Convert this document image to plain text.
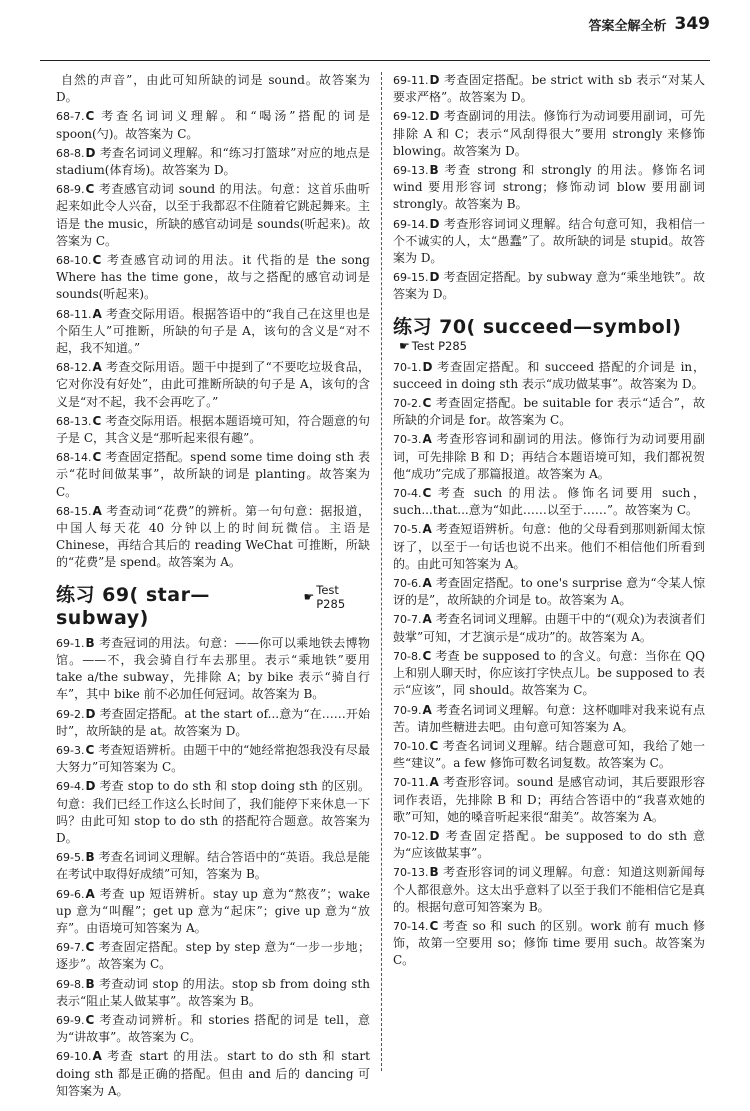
答案全解全析 349

自然的声音”，由此可知所缺的词是 sound。故答案为 D。

68-7.C 考查名词词义理解。和“喝汤”搭配的词是 spoon(勺)。故答案为 C。

68-8.D 考查名词词义理解。和“练习打篮球”对应的地点是stadium(体育场)。故答案为 D。

68-9.C 考查感官动词 sound 的用法。句意：这首乐曲听起来如此令人兴奋，以至于我都忍不住随着它跳起舞来。主语是 the music，所缺的感官动词是 sounds(听起来)。故答案为 C。

68-10.C 考查感官动词的用法。it 代指的是 the song Where has the time gone，故与之搭配的感官动词是 sounds(听起来)。

68-11.A 考查交际用语。根据答语中的“我自己在这里也是个陌生人”可推断，所缺的句子是 A，该句的含义是“对不起，我不知道。”

68-12.A 考查交际用语。题干中提到了“不要吃垃圾食品，它对你没有好处”，由此可推断所缺的句子是 A，该句的含义是“对不起，我不会再吃了。”

68-13.C 考查交际用语。根据本题语境可知，符合题意的句子是 C，其含义是“那听起来很有趣”。

68-14.C 考查固定搭配。spend some time doing sth 表示“花时间做某事”，故所缺的词是 planting。故答案为 C。

68-15.A 考查动词“花费”的辨析。第一句句意：据报道，中国人每天花 40 分钟以上的时间玩微信。主语是 Chinese，再结合其后的 reading WeChat 可推断，所缺的“花费”是 spend。故答案为 A。

练习 69( star—subway)
☛ Test P285

69-1.B 考查冠词的用法。句意：——你可以乘地铁去博物馆。——不，我会骑自行车去那里。表示“乘地铁”要用 take a/the subway，先排除 A；by bike 表示“骑自行车”，其中 bike 前不必加任何冠词。故答案为 B。

69-2.D 考查固定搭配。at the start of...意为“在……开始时”，故所缺的是 at。故答案为 D。

69-3.C 考查短语辨析。由题干中的“她经常抱怨我没有尽最大努力”可知答案为 C。

69-4.D 考查 stop to do sth 和 stop doing sth 的区别。句意：我们已经工作这么长时间了，我们能停下来休息一下吗？由此可知 stop to do sth 的搭配符合题意。故答案为 D。

69-5.B 考查名词词义理解。结合答语中的“英语。我总是能在考试中取得好成绩”可知，答案为 B。

69-6.A 考查 up 短语辨析。stay up 意为“熬夜”；wake up 意为“叫醒”；get up 意为“起床”；give up 意为“放弃”。由语境可知答案为 A。

69-7.C 考查固定搭配。step by step 意为“一步一步地；逐步”。故答案为 C。

69-8.B 考查动词 stop 的用法。stop sb from doing sth 表示“阻止某人做某事”。故答案为 B。

69-9.C 考查动词辨析。和 stories 搭配的词是 tell，意为“讲故事”。故答案为 C。

69-10.A 考查 start 的用法。start to do sth 和 start doing sth 都是正确的搭配。但由 and 后的 dancing 可知答案为 A。

69-11.D 考查固定搭配。be strict with sb 表示“对某人要求严格”。故答案为 D。

69-12.D 考查副词的用法。修饰行为动词要用副词，可先排除 A 和 C；表示“风刮得很大”要用 strongly 来修饰 blowing。故答案为 D。

69-13.B 考查 strong 和 strongly 的用法。修饰名词 wind 要用形容词 strong；修饰动词 blow 要用副词 strongly。故答案为 B。

69-14.D 考查形容词词义理解。结合句意可知，我相信一个不诚实的人，太“愚蠢”了。故所缺的词是 stupid。故答案为 D。

69-15.D 考查固定搭配。by subway 意为“乘坐地铁”。故答案为 D。

练习 70( succeed—symbol)
☛ Test P285

70-1.D 考查固定搭配。和 succeed 搭配的介词是 in，succeed in doing sth 表示“成功做某事”。故答案为 D。

70-2.C 考查固定搭配。be suitable for 表示“适合”，故所缺的介词是 for。故答案为 C。

70-3.A 考查形容词和副词的用法。修饰行为动词要用副词，可先排除 B 和 D；再结合本题语境可知，我们都祝贺他“成功”完成了那篇报道。故答案为 A。

70-4.C 考查 such 的用法。修饰名词要用 such，such...that...意为“如此……以至于……”。故答案为 C。

70-5.A 考查短语辨析。句意：他的父母看到那则新闻太惊讶了，以至于一句话也说不出来。他们不相信他们所看到的。由此可知答案为 A。

70-6.A 考查固定搭配。to one's surprise 意为“令某人惊讶的是”，故所缺的介词是 to。故答案为 A。

70-7.A 考查名词词义理解。由题干中的“(观众)为表演者们鼓掌”可知，才艺演示是“成功”的。故答案为 A。

70-8.C 考查 be supposed to 的含义。句意：当你在 QQ 上和别人聊天时，你应该打字快点儿。be supposed to 表示“应该”，同 should。故答案为 C。

70-9.A 考查名词词义理解。句意：这杯咖啡对我来说有点苦。请加些糖进去吧。由句意可知答案为 A。

70-10.C 考查名词词义理解。结合题意可知，我给了她一些“建议”。a few 修饰可数名词复数。故答案为 C。

70-11.A 考查形容词。sound 是感官动词，其后要跟形容词作表语，先排除 B 和 D；再结合答语中的“我喜欢她的歌”可知，她的嗓音听起来很“甜美”。故答案为 A。

70-12.D 考查固定搭配。be supposed to do sth 意为“应该做某事”。

70-13.B 考查形容词的词义理解。句意：知道这则新闻每个人都很意外。这太出乎意料了以至于我们不能相信它是真的。根据句意可知答案为 B。

70-14.C 考查 so 和 such 的区别。work 前有 much 修饰，故第一空要用 so；修饰 time 要用 such。故答案为 C。
